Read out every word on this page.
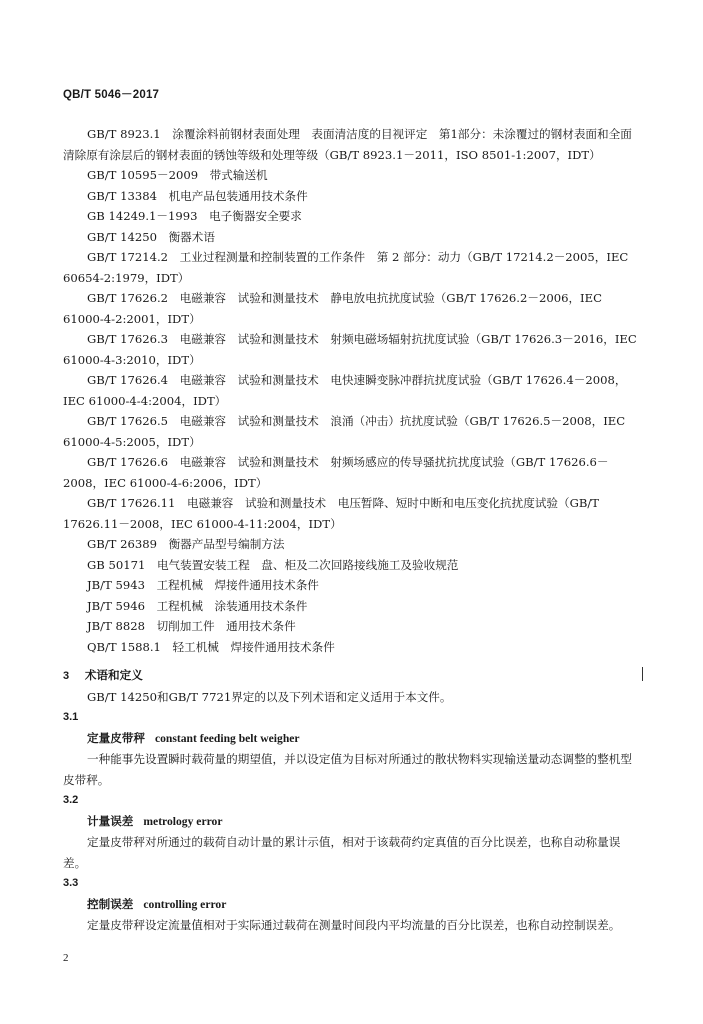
QB/T 5046－2017

GB/T 8923.1　涂覆涂料前钢材表面处理　表面清洁度的目视评定　第1部分：未涂覆过的钢材表面和全面清除原有涂层后的钢材表面的锈蚀等级和处理等级（GB/T 8923.1－2011，ISO 8501-1:2007，IDT）

GB/T 10595－2009　带式输送机

GB/T 13384　机电产品包装通用技术条件

GB 14249.1－1993　电子衡器安全要求

GB/T 14250　衡器术语

GB/T 17214.2　工业过程测量和控制装置的工作条件　第 2 部分：动力（GB/T 17214.2－2005，IEC 60654-2:1979，IDT）

GB/T 17626.2　电磁兼容　试验和测量技术　静电放电抗扰度试验（GB/T 17626.2－2006，IEC 61000-4-2:2001，IDT）

GB/T 17626.3　电磁兼容　试验和测量技术　射频电磁场辐射抗扰度试验（GB/T 17626.3－2016，IEC 61000-4-3:2010，IDT）

GB/T 17626.4　电磁兼容　试验和测量技术　电快速瞬变脉冲群抗扰度试验（GB/T 17626.4－2008，IEC 61000-4-4:2004，IDT）

GB/T 17626.5　电磁兼容　试验和测量技术　浪涌（冲击）抗扰度试验（GB/T 17626.5－2008，IEC 61000-4-5:2005，IDT）

GB/T 17626.6　电磁兼容　试验和测量技术　射频场感应的传导骚扰抗扰度试验（GB/T 17626.6－2008，IEC 61000-4-6:2006，IDT）

GB/T 17626.11　电磁兼容　试验和测量技术　电压暂降、短时中断和电压变化抗扰度试验（GB/T 17626.11－2008，IEC 61000-4-11:2004，IDT）

GB/T 26389　衡器产品型号编制方法

GB 50171　电气装置安装工程　盘、柜及二次回路接线施工及验收规范

JB/T 5943　工程机械　焊接件通用技术条件

JB/T 5946　工程机械　涂装通用技术条件

JB/T 8828　切削加工件　通用技术条件

QB/T 1588.1　轻工机械　焊接件通用技术条件

3 术语和定义

GB/T 14250和GB/T 7721界定的以及下列术语和定义适用于本文件。

3.1
定量皮带秤 constant feeding belt weigher

一种能事先设置瞬时载荷量的期望值，并以设定值为目标对所通过的散状物料实现输送量动态调整的整机型皮带秤。

3.2
计量误差 metrology error

定量皮带秤对所通过的载荷自动计量的累计示值，相对于该载荷约定真值的百分比误差，也称自动称量误差。

3.3
控制误差 controlling error

定量皮带秤设定流量值相对于实际通过载荷在测量时间段内平均流量的百分比误差，也称自动控制误差。

2
